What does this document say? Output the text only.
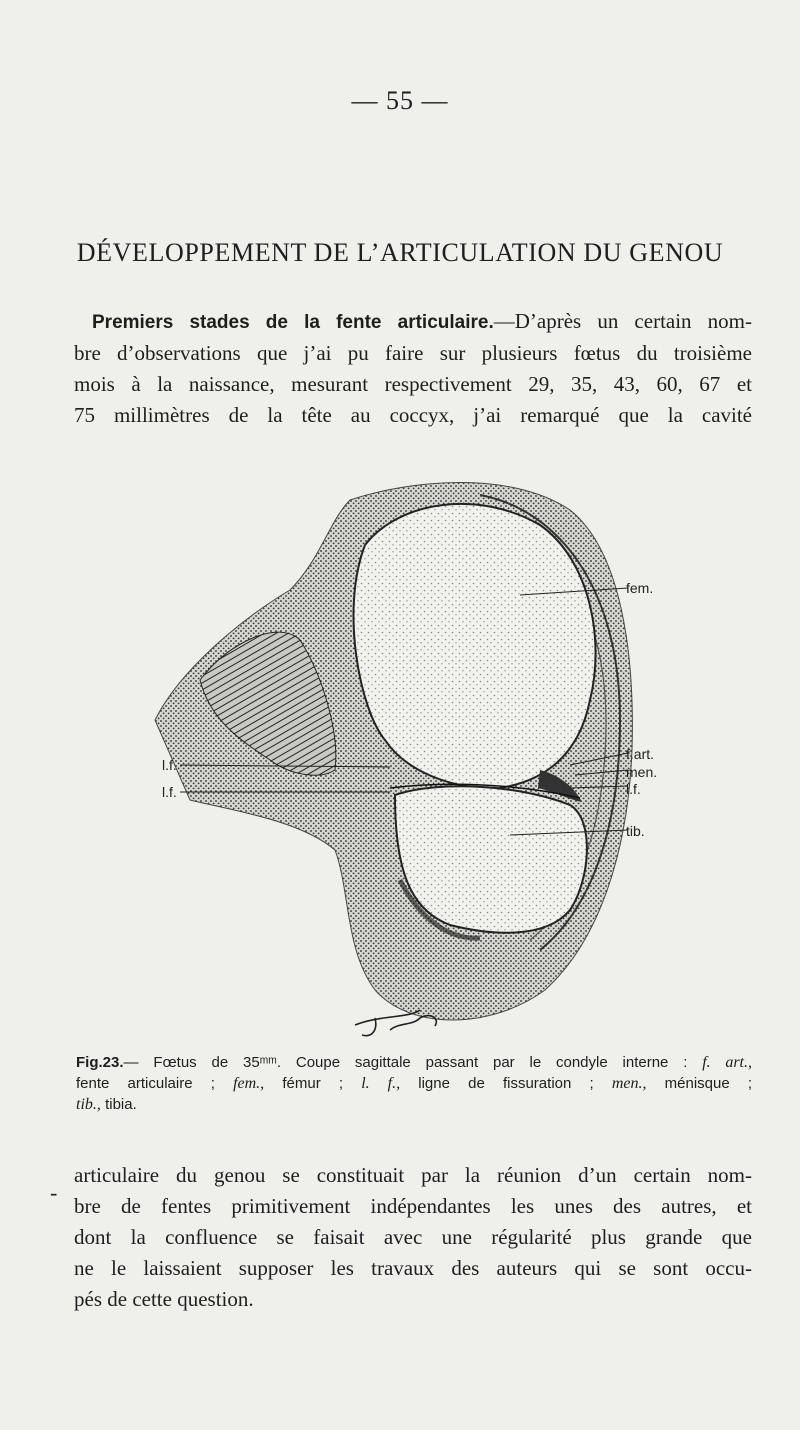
— 55 —
DÉVELOPPEMENT DE L’ARTICULATION DU GENOU
Premiers stades de la fente articulaire.—D’après un certain nom-
bre d’observations que j’ai pu faire sur plusieurs fœtus du troisième
mois à la naissance, mesurant respectivement 29, 35, 43, 60, 67 et
75 millimètres de la tête au coccyx, j’ai remarqué que la cavité
fem.
f.art.
men.
l.f.
tib.
l.f.
l.f.
Fig.23.— Fœtus de 35ᵐᵐ. Coupe sagittale passant par le condyle interne : f. art.,
fente articulaire ; fem., fémur ; l. f., ligne de fissuration ; men., ménisque ;
tib., tibia.
-
articulaire du genou se constituait par la réunion d’un certain nom-
bre de fentes primitivement indépendantes les unes des autres, et
dont la confluence se faisait avec une régularité plus grande que
ne le laissaient supposer les travaux des auteurs qui se sont occu-
pés de cette question.
